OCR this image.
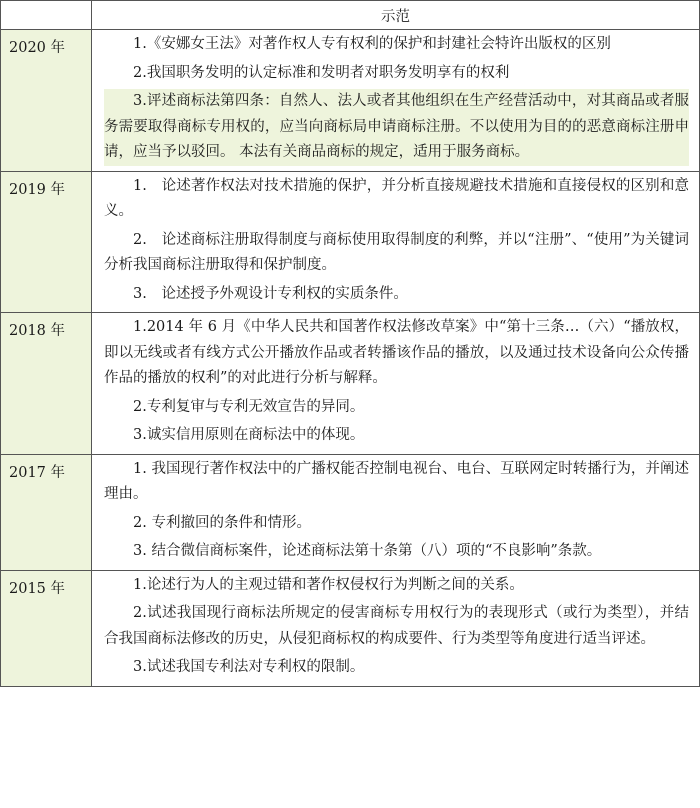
	示范
2020 年	1.《安娜女王法》对著作权人专有权利的保护和封建社会特许出版权的区别
2.我国职务发明的认定标准和发明者对职务发明享有的权利
3.评述商标法第四条：自然人、法人或者其他组织在生产经营活动中，对其商品或者服务需要取得商标专用权的，应当向商标局申请商标注册。不以使用为目的的恶意商标注册申请，应当予以驳回。 本法有关商品商标的规定，适用于服务商标。

2019 年	1.　论述著作权法对技术措施的保护，并分析直接规避技术措施和直接侵权的区别和意义。
2.　论述商标注册取得制度与商标使用取得制度的利弊，并以“注册”、“使用”为关键词分析我国商标注册取得和保护制度。
3.　论述授予外观设计专利权的实质条件。

2018 年	1.2014 年 6 月《中华人民共和国著作权法修改草案》中“第十三条…（六）“播放权，即以无线或者有线方式公开播放作品或者转播该作品的播放，以及通过技术设备向公众传播作品的播放的权利”的对此进行分析与解释。
2.专利复审与专利无效宣告的异同。
3.诚实信用原则在商标法中的体现。

2017 年	1. 我国现行著作权法中的广播权能否控制电视台、电台、互联网定时转播行为，并阐述理由。
2. 专利撤回的条件和情形。
3. 结合微信商标案件，论述商标法第十条第（八）项的“不良影响”条款。

2015 年	1.论述行为人的主观过错和著作权侵权行为判断之间的关系。
2.试述我国现行商标法所规定的侵害商标专用权行为的表现形式（或行为类型），并结合我国商标法修改的历史，从侵犯商标权的构成要件、行为类型等角度进行适当评述。
3.试述我国专利法对专利权的限制。
